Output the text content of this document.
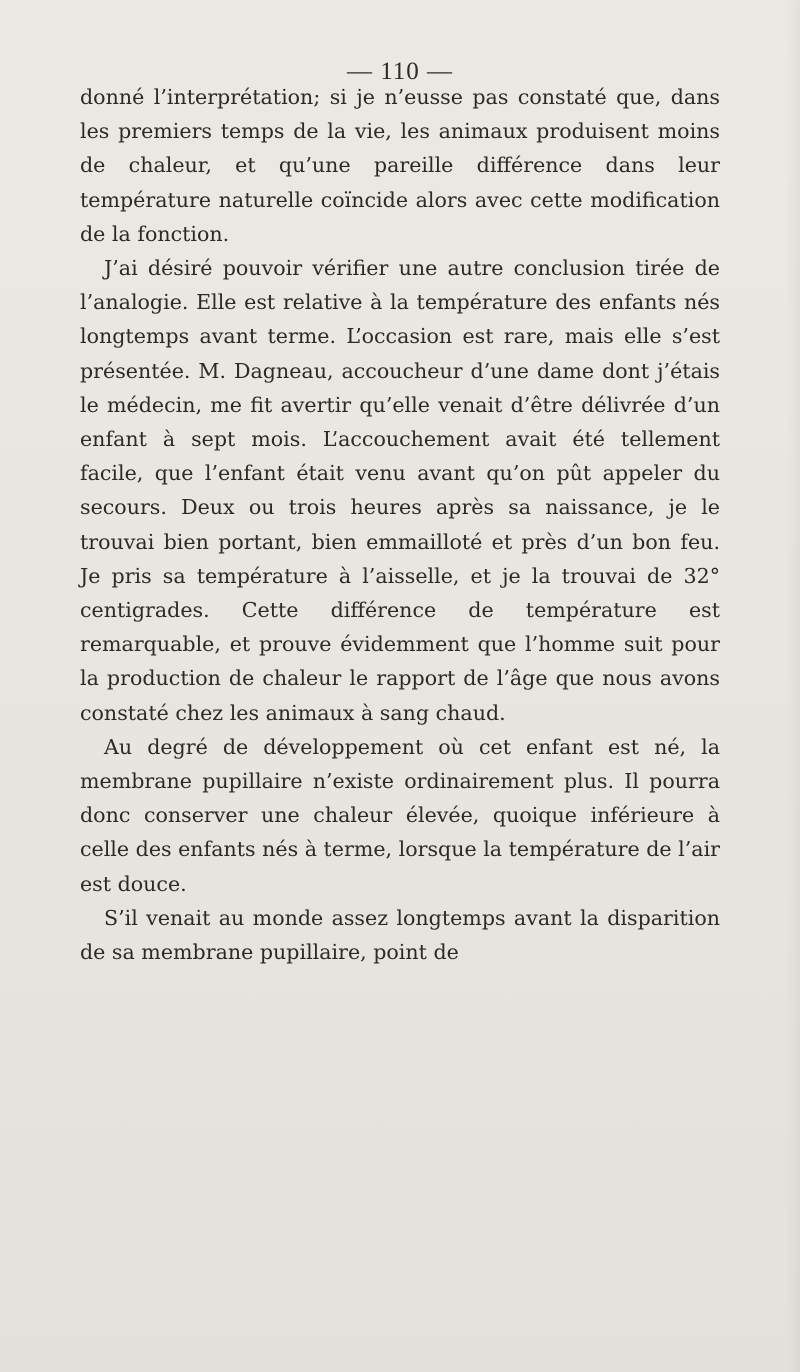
— 110 —

donné l’interprétation; si je n’eusse pas constaté que, dans les premiers temps de la vie, les animaux produisent moins de chaleur, et qu’une pareille différence dans leur température naturelle coïncide alors avec cette modification de la fonction.

J’ai désiré pouvoir vérifier une autre conclusion tirée de l’analogie. Elle est relative à la température des enfants nés longtemps avant terme. L’occasion est rare, mais elle s’est présentée. M. Dagneau, accoucheur d’une dame dont j’étais le médecin, me fit avertir qu’elle venait d’être délivrée d’un enfant à sept mois. L’accouchement avait été tellement facile, que l’enfant était venu avant qu’on pût appeler du secours. Deux ou trois heures après sa naissance, je le trouvai bien portant, bien emmailloté et près d’un bon feu. Je pris sa température à l’aisselle, et je la trouvai de 32° centigrades. Cette différence de température est remarquable, et prouve évidemment que l’homme suit pour la production de chaleur le rapport de l’âge que nous avons constaté chez les animaux à sang chaud.

Au degré de développement où cet enfant est né, la membrane pupillaire n’existe ordinairement plus. Il pourra donc conserver une chaleur élevée, quoique inférieure à celle des enfants nés à terme, lorsque la température de l’air est douce.

S’il venait au monde assez longtemps avant la disparition de sa membrane pupillaire, point de
